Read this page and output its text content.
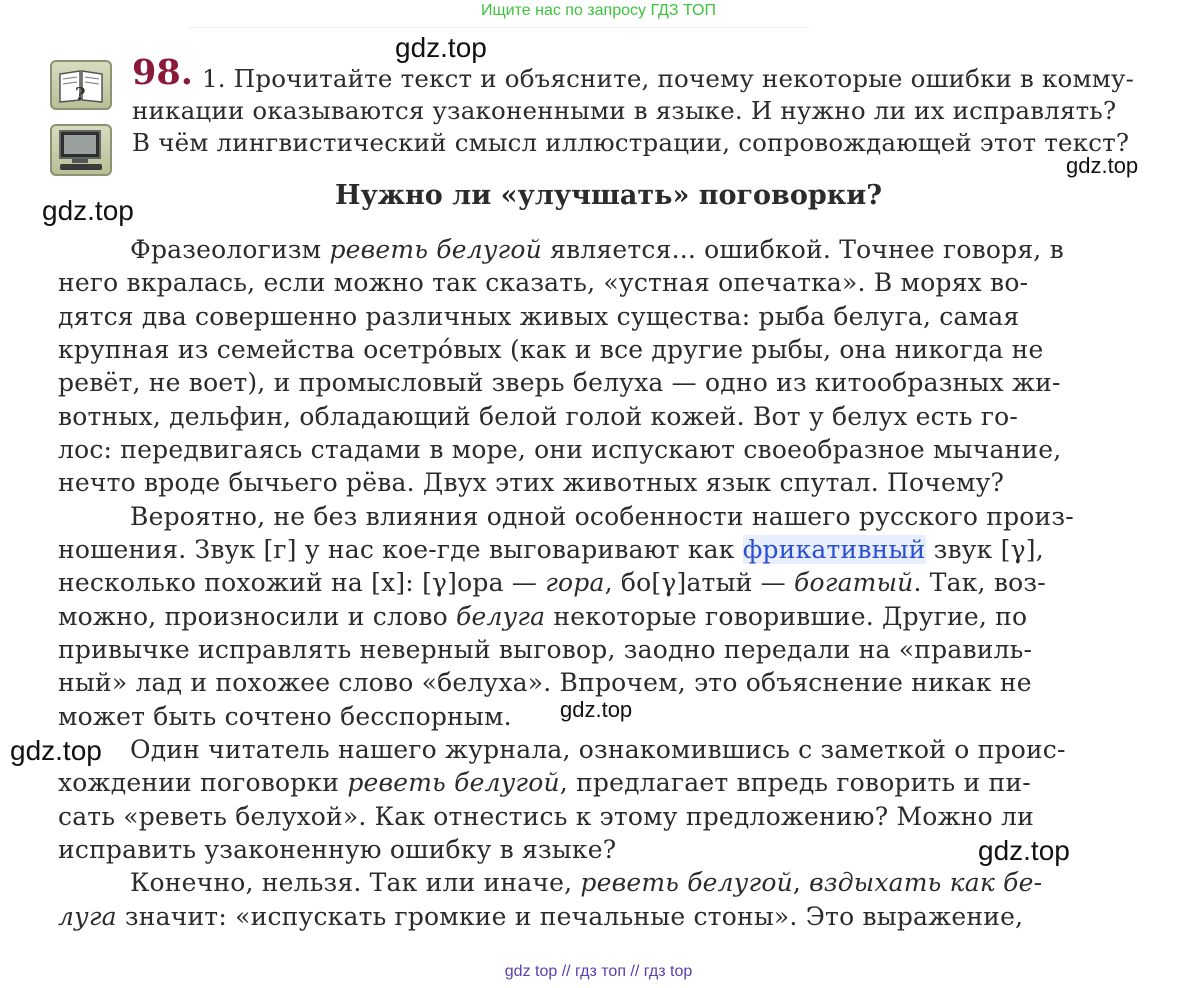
Ищите нас по запросу ГДЗ ТОП
?
98. 1. Прочитайте текст и объясните, почему некоторые ошибки в комму-
никации оказываются узаконенными в языке. И нужно ли их исправлять?
В чём лингвистический смысл иллюстрации, сопровождающей этот текст?
Нужно ли «улучшать» поговорки?
Фразеологизм реветь белугой является... ошибкой. Точнее говоря, в
него вкралась, если можно так сказать, «устная опечатка». В морях во-
дятся два совершенно различных живых существа: рыба белуга, самая
крупная из семейства осетро́вых (как и все другие рыбы, она никогда не
ревёт, не воет), и промысловый зверь белуха — одно из китообразных жи-
вотных, дельфин, обладающий белой голой кожей. Вот у белух есть го-
лос: передвигаясь стадами в море, они испускают своеобразное мычание,
нечто вроде бычьего рёва. Двух этих животных язык спутал. Почему?
Вероятно, не без влияния одной особенности нашего русского произ-
ношения. Звук [г] у нас кое-где выговаривают как фрикативный звук [γ],
несколько похожий на [х]: [γ]ора — гора, бо[γ]атый — богатый. Так, воз-
можно, произносили и слово белуга некоторые говорившие. Другие, по
привычке исправлять неверный выговор, заодно передали на «правиль-
ный» лад и похожее слово «белуха». Впрочем, это объяснение никак не
может быть сочтено бесспорным.
Один читатель нашего журнала, ознакомившись с заметкой о проис-
хождении поговорки реветь белугой, предлагает впредь говорить и пи-
сать «реветь белухой». Как отнестись к этому предложению? Можно ли
исправить узаконенную ошибку в языке?
Конечно, нельзя. Так или иначе, реветь белугой, вздыхать как бе-
луга значит: «испускать громкие и печальные стоны». Это выражение,
gdz.top
gdz.top
gdz.top
gdz.top
gdz.top
gdz.top
gdz top // гдз топ // гдз top
